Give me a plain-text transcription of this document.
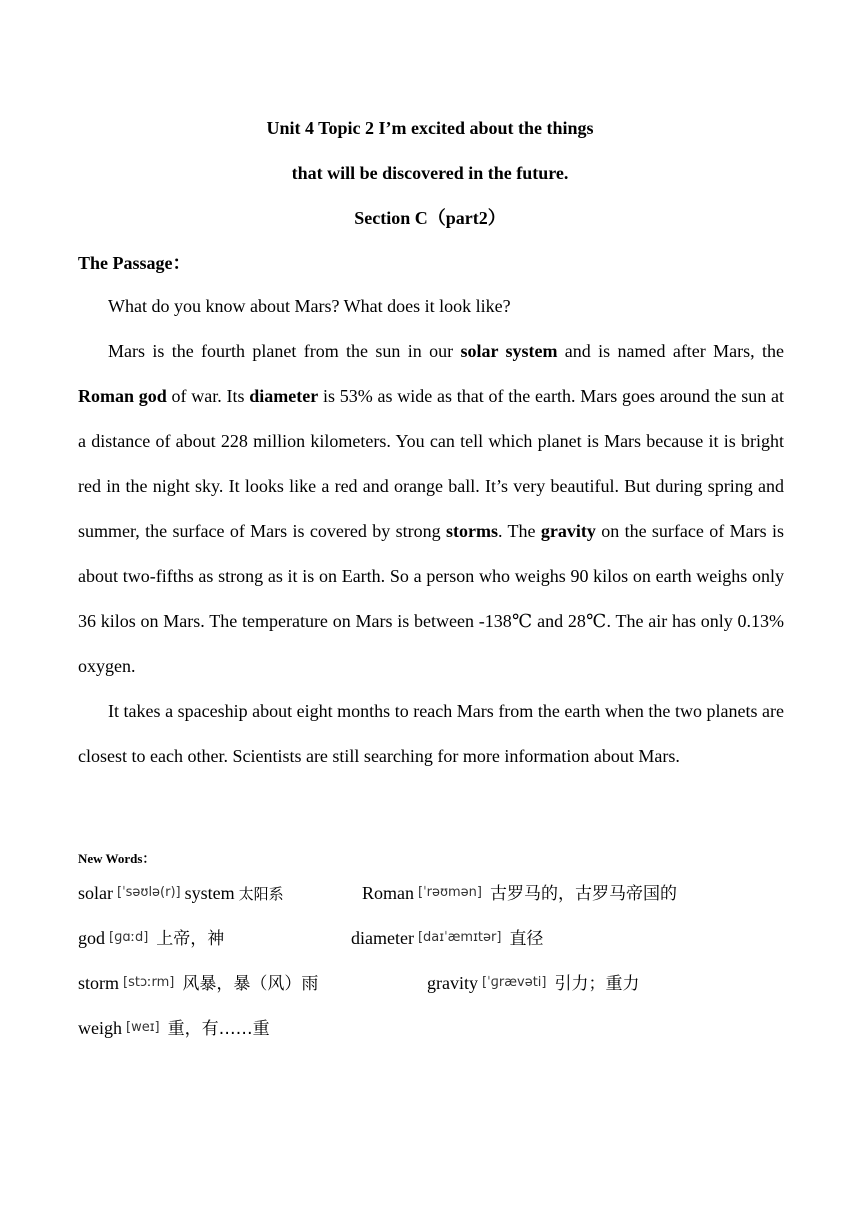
Unit 4 Topic 2 I’m excited about the things
that will be discovered in the future.
Section C（part2）
The Passage：

What do you know about Mars? What does it look like?

Mars is the fourth planet from the sun in our solar system and is named after Mars, the Roman god of war. Its diameter is 53% as wide as that of the earth. Mars goes around the sun at a distance of about 228 million kilometers. You can tell which planet is Mars because it is bright red in the night sky. It looks like a red and orange ball. It’s very beautiful. But during spring and summer, the surface of Mars is covered by strong storms. The gravity on the surface of Mars is about two-fifths as strong as it is on Earth. So a person who weighs 90 kilos on earth weighs only 36 kilos on Mars. The temperature on Mars is between -138℃ and 28℃. The air has only 0.13% oxygen.

It takes a spaceship about eight months to reach Mars from the earth when the two planets are closest to each other. Scientists are still searching for more information about Mars.

New Words：
solar [ˈsəʊlə(r)] system 太阳系	Roman [ˈrəʊmən] 古罗马的，古罗马帝国的
god [ɡɑːd] 上帝，神	diameter [daɪˈæmɪtər] 直径
storm [stɔːrm] 风暴，暴（风）雨	gravity [ˈɡrævəti] 引力；重力
weigh [weɪ] 重，有……重
